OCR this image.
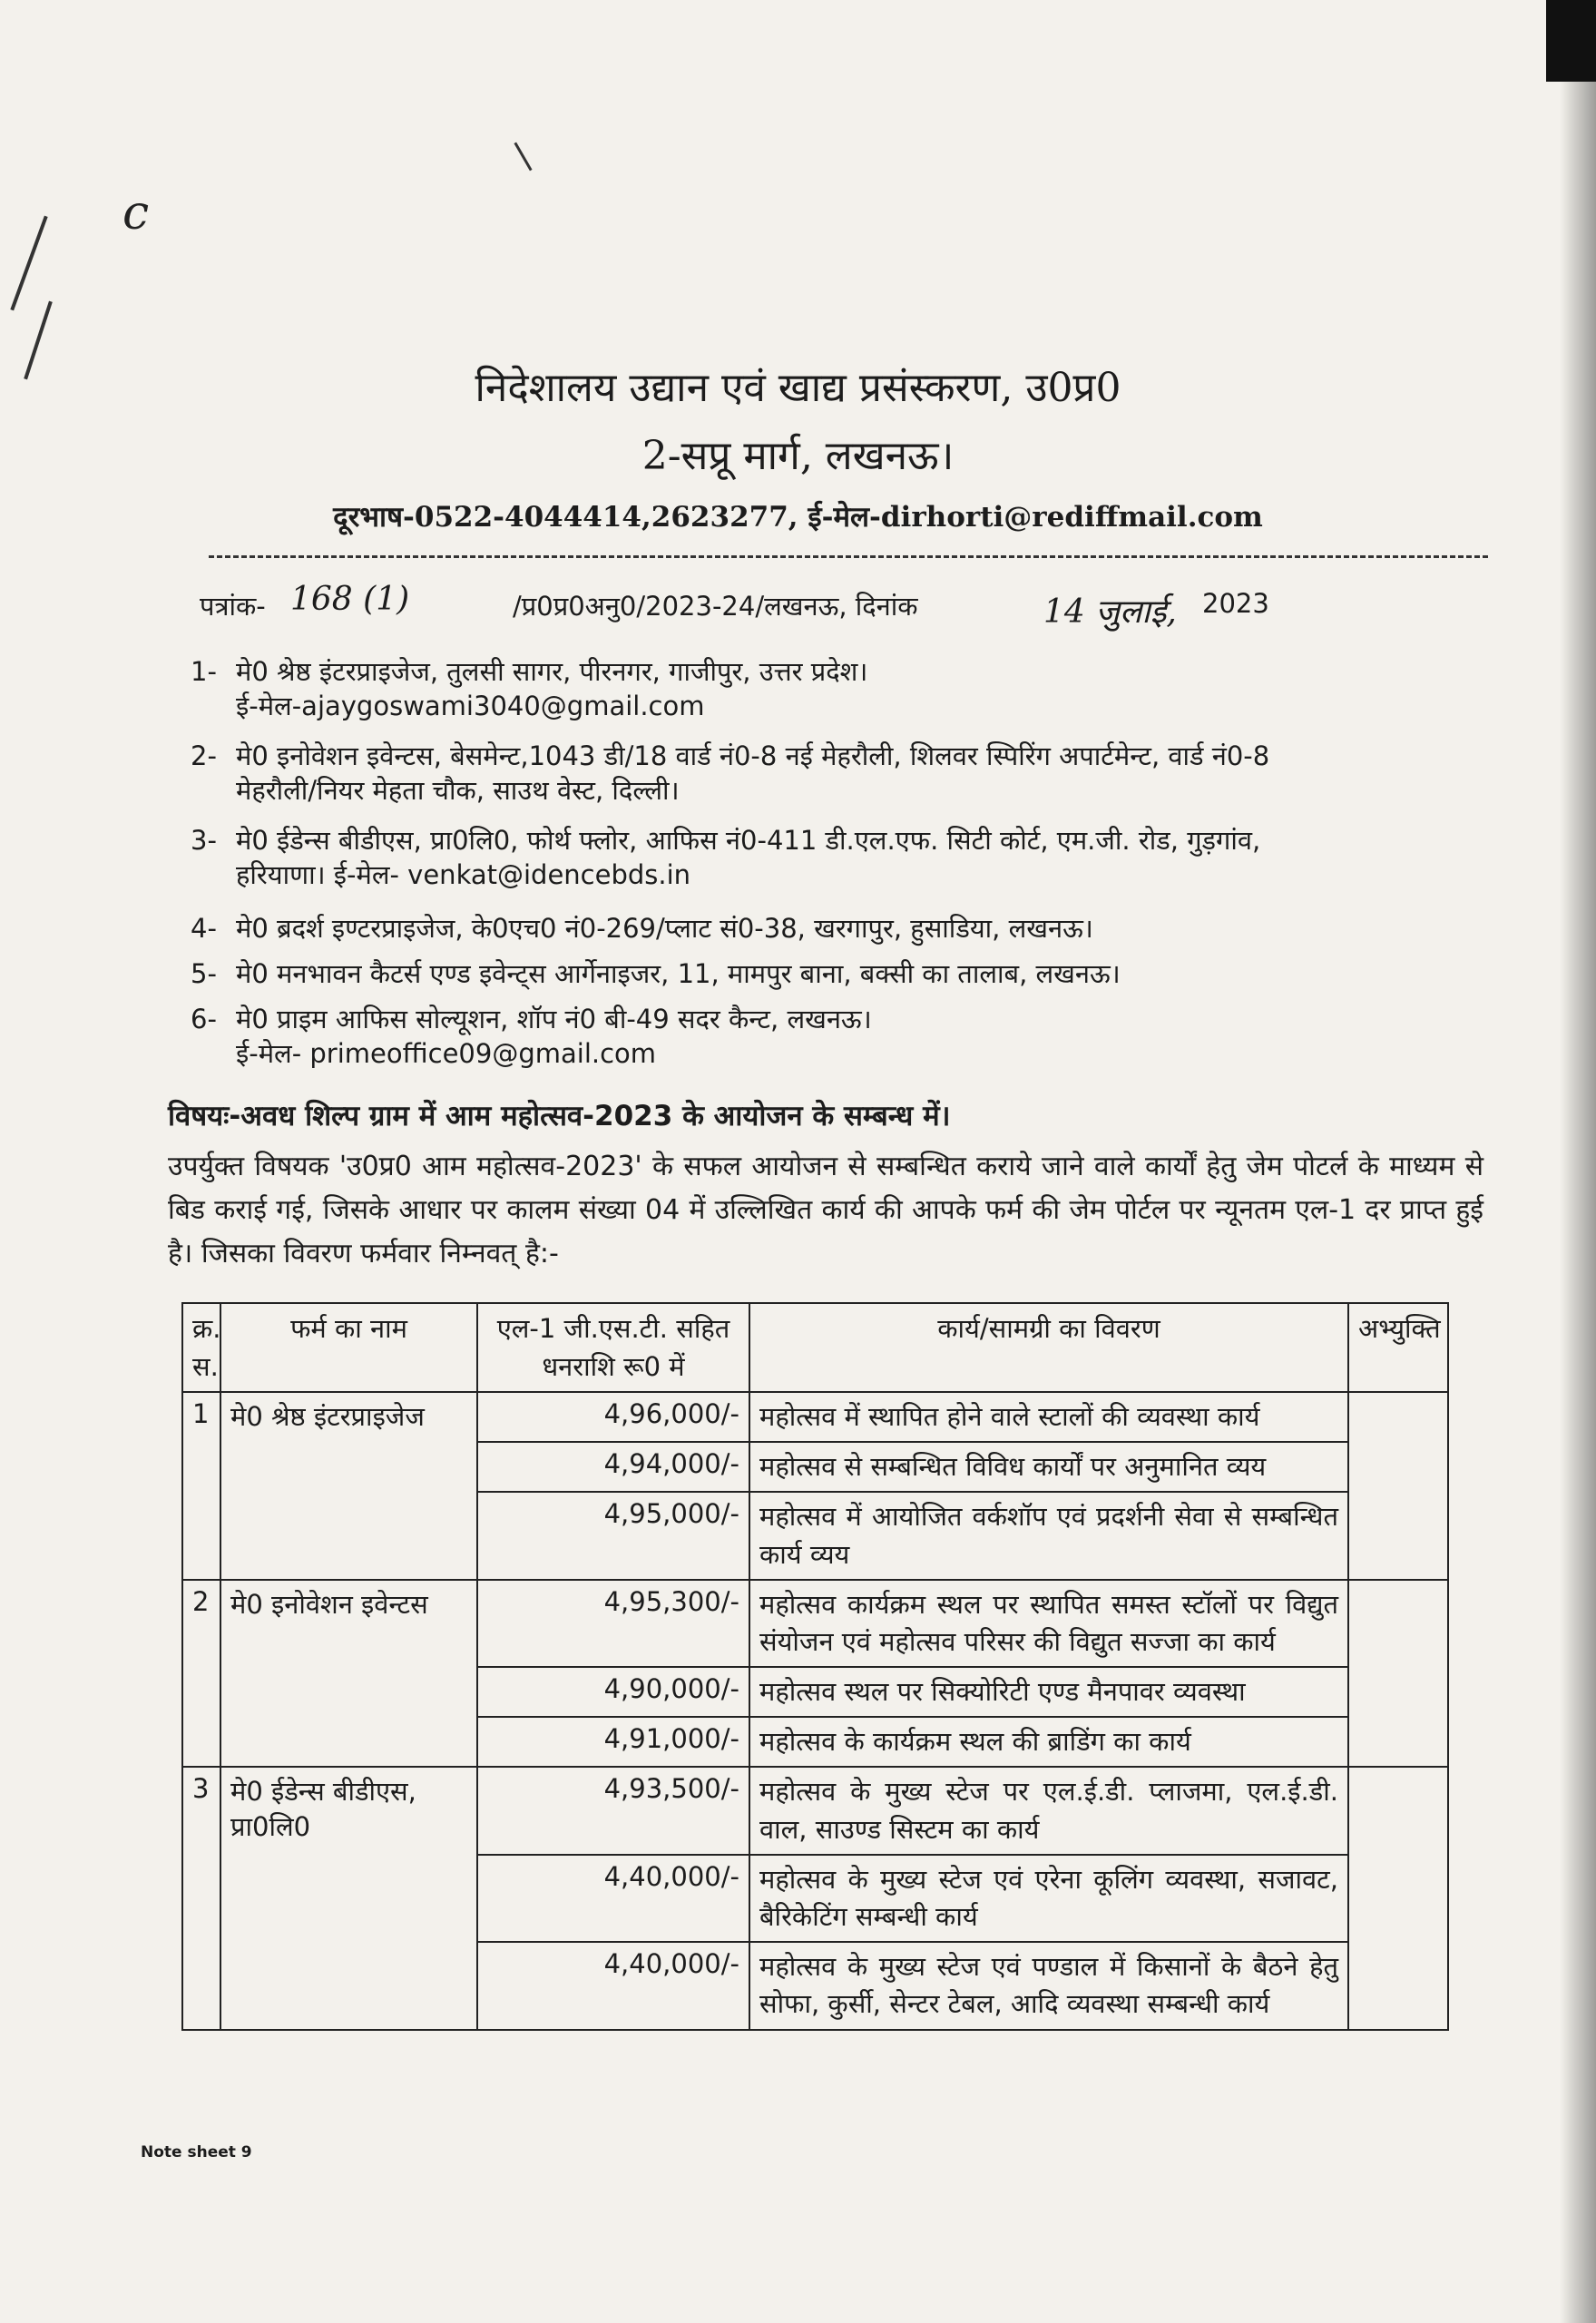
c
निदेशालय उद्यान एवं खाद्य प्रसंस्करण, उ0प्र0
2-सप्रू मार्ग, लखनऊ।
दूरभाष-0522-4044414,2623277, ई-मेल-dirhorti@rediffmail.com
पत्रांक- 168 (1)	/प्र0प्र0अनु0/2023-24/लखनऊ, दिनांक	14 जुलाई, 2023
1- मे0 श्रेष्ठ इंटरप्राइजेज, तुलसी सागर, पीरनगर, गाजीपुर, उत्तर प्रदेश।
ई-मेल-ajaygoswami3040@gmail.com
2- मे0 इनोवेशन इवेन्टस, बेसमेन्ट,1043 डी/18 वार्ड नं0-8 नई मेहरौली, शिलवर स्पिरिंग अपार्टमेन्ट, वार्ड नं0-8
मेहरौली/नियर मेहता चौक, साउथ वेस्ट, दिल्ली।
3- मे0 ईडेन्स बीडीएस, प्रा0लि0, फोर्थ फ्लोर, आफिस नं0-411 डी.एल.एफ. सिटी कोर्ट, एम.जी. रोड, गुड़गांव,
हरियाणा। ई-मेल- venkat@idencebds.in
4- मे0 ब्रदर्श इण्टरप्राइजेज, के0एच0 नं0-269/प्लाट सं0-38, खरगापुर, हुसाडिया, लखनऊ।
5- मे0 मनभावन कैटर्स एण्ड इवेन्ट्स आर्गेनाइजर, 11, मामपुर बाना, बक्सी का तालाब, लखनऊ।
6- मे0 प्राइम आफिस सोल्यूशन, शॉप नं0 बी-49 सदर कैन्ट, लखनऊ।
ई-मेल- primeoffice09@gmail.com
विषयः-अवध शिल्प ग्राम में आम महोत्सव-2023 के आयोजन के सम्बन्ध में।
उपर्युक्त विषयक 'उ0प्र0 आम महोत्सव-2023' के सफल आयोजन से सम्बन्धित कराये जाने वाले कार्यों हेतु जेम पोटर्ल के माध्यम से बिड कराई गई, जिसके आधार पर कालम संख्या 04 में उल्लिखित कार्य की आपके फर्म की जेम पोर्टल पर न्यूनतम एल-1 दर प्राप्त हुई है। जिसका विवरण फर्मवार निम्नवत् है:-
क्र. स.	फर्म का नाम	एल-1 जी.एस.टी. सहित धनराशि रू0 में	कार्य/सामग्री का विवरण	अभ्युक्ति
1	मे0 श्रेष्ठ इंटरप्राइजेज	4,96,000/-	महोत्सव में स्थापित होने वाले स्टालों की व्यवस्था कार्य	
		4,94,000/-	महोत्सव से सम्बन्धित विविध कार्यों पर अनुमानित व्यय	
		4,95,000/-	महोत्सव में आयोजित वर्कशॉप एवं प्रदर्शनी सेवा से सम्बन्धित कार्य व्यय	
2	मे0 इनोवेशन इवेन्टस	4,95,300/-	महोत्सव कार्यक्रम स्थल पर स्थापित समस्त स्टॉलों पर विद्युत संयोजन एवं महोत्सव परिसर की विद्युत सज्जा का कार्य	
		4,90,000/-	महोत्सव स्थल पर सिक्योरिटी एण्ड मैनपावर व्यवस्था	
		4,91,000/-	महोत्सव के कार्यक्रम स्थल की ब्राडिंग का कार्य	
3	मे0 ईडेन्स बीडीएस, प्रा0लि0	4,93,500/-	महोत्सव के मुख्य स्टेज पर एल.ई.डी. प्लाजमा, एल.ई.डी. वाल, साउण्ड सिस्टम का कार्य	
		4,40,000/-	महोत्सव के मुख्य स्टेज एवं एरेना कूलिंग व्यवस्था, सजावट, बैरिकेटिंग सम्बन्धी कार्य	
		4,40,000/-	महोत्सव के मुख्य स्टेज एवं पण्डाल में किसानों के बैठने हेतु सोफा, कुर्सी, सेन्टर टेबल, आदि व्यवस्था सम्बन्धी कार्य	
Note sheet 9
